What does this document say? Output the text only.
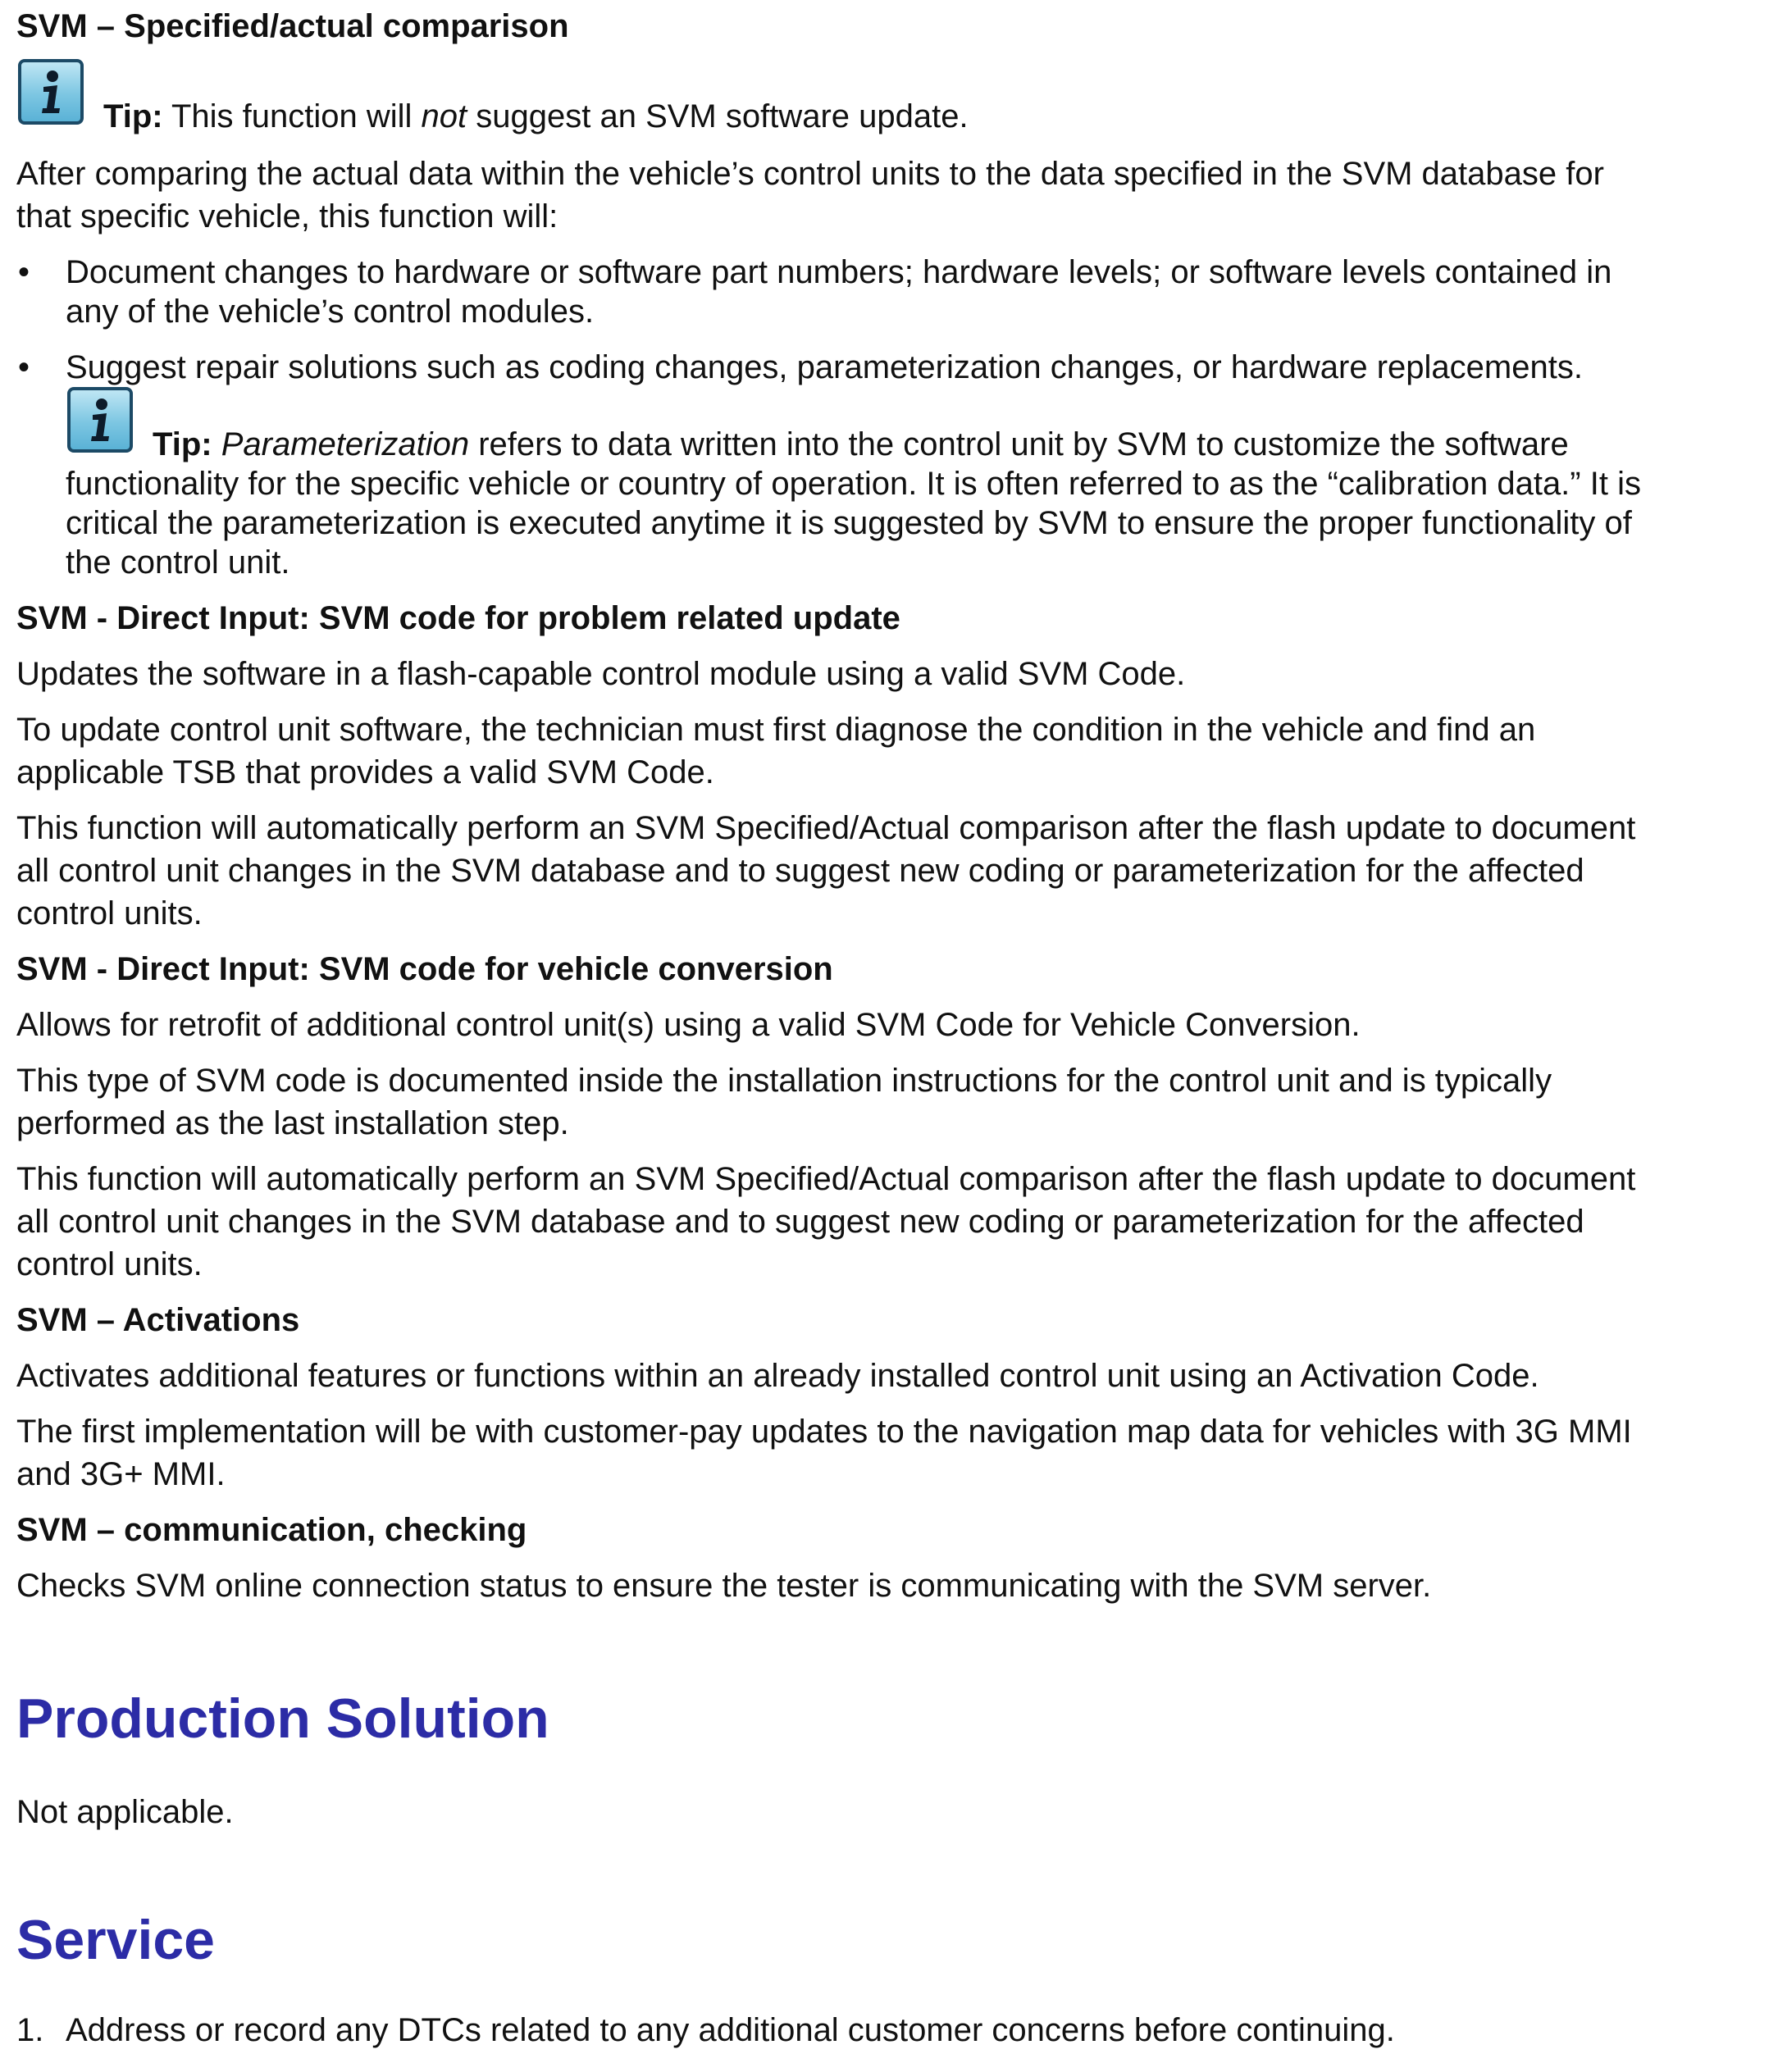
SVM – Specified/actual comparison

Tip: This function will not suggest an SVM software update.

After comparing the actual data within the vehicle’s control units to the data specified in the SVM database for

that specific vehicle, this function will:

• Document changes to hardware or software part numbers; hardware levels; or software levels contained in

any of the vehicle’s control modules.

• Suggest repair solutions such as coding changes, parameterization changes, or hardware replacements.

Tip: Parameterization refers to data written into the control unit by SVM to customize the software

functionality for the specific vehicle or country of operation. It is often referred to as the “calibration data.” It is

critical the parameterization is executed anytime it is suggested by SVM to ensure the proper functionality of

the control unit.

SVM - Direct Input: SVM code for problem related update

Updates the software in a flash-capable control module using a valid SVM Code.

To update control unit software, the technician must first diagnose the condition in the vehicle and find an

applicable TSB that provides a valid SVM Code.

This function will automatically perform an SVM Specified/Actual comparison after the flash update to document

all control unit changes in the SVM database and to suggest new coding or parameterization for the affected

control units.

SVM - Direct Input: SVM code for vehicle conversion

Allows for retrofit of additional control unit(s) using a valid SVM Code for Vehicle Conversion.

This type of SVM code is documented inside the installation instructions for the control unit and is typically

performed as the last installation step.

This function will automatically perform an SVM Specified/Actual comparison after the flash update to document

all control unit changes in the SVM database and to suggest new coding or parameterization for the affected

control units.

SVM – Activations

Activates additional features or functions within an already installed control unit using an Activation Code.

The first implementation will be with customer-pay updates to the navigation map data for vehicles with 3G MMI

and 3G+ MMI.

SVM – communication, checking

Checks SVM online connection status to ensure the tester is communicating with the SVM server.

Production Solution

Not applicable.

Service

1. Address or record any DTCs related to any additional customer concerns before continuing.
